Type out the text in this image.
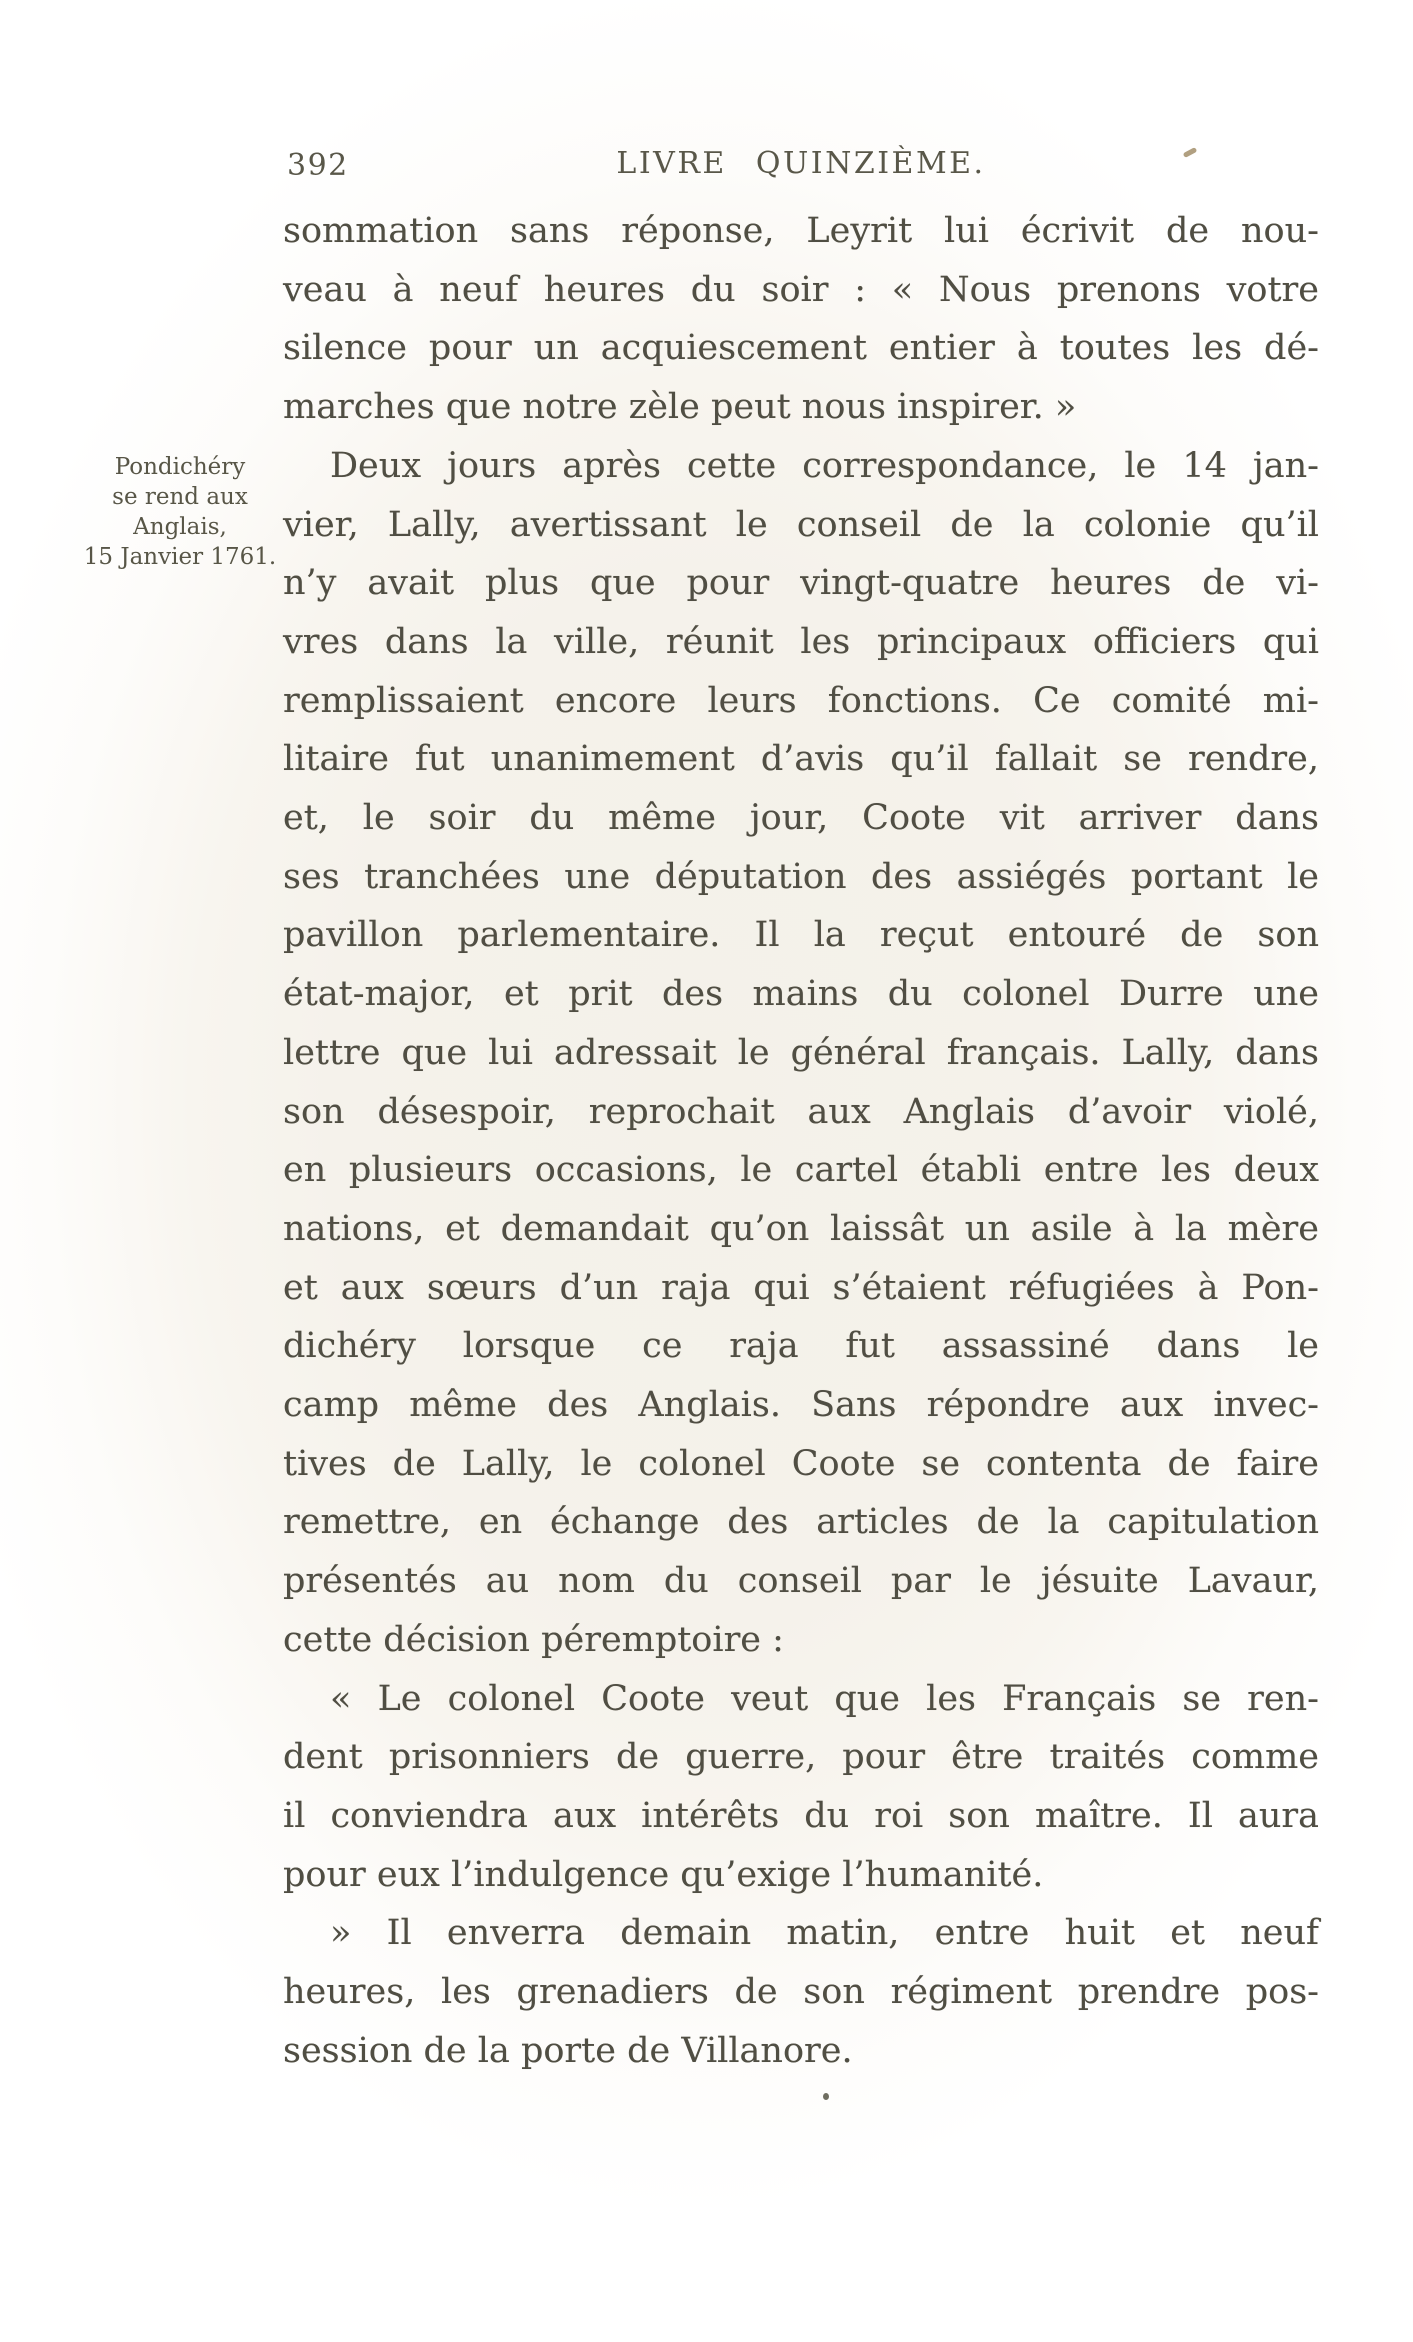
392	LIVRE QUINZIÈME.
Pondichéry
se rend aux
Anglais,
15 Janvier 1761.
sommation sans réponse, Leyrit lui écrivit de nou-
veau à neuf heures du soir : « Nous prenons votre
silence pour un acquiescement entier à toutes les dé-
marches que notre zèle peut nous inspirer. »
Deux jours après cette correspondance, le 14 jan-
vier, Lally, avertissant le conseil de la colonie qu’il
n’y avait plus que pour vingt-quatre heures de vi-
vres dans la ville, réunit les principaux officiers qui
remplissaient encore leurs fonctions. Ce comité mi-
litaire fut unanimement d’avis qu’il fallait se rendre,
et, le soir du même jour, Coote vit arriver dans
ses tranchées une députation des assiégés portant le
pavillon parlementaire. Il la reçut entouré de son
état-major, et prit des mains du colonel Durre une
lettre que lui adressait le général français. Lally, dans
son désespoir, reprochait aux Anglais d’avoir violé,
en plusieurs occasions, le cartel établi entre les deux
nations, et demandait qu’on laissât un asile à la mère
et aux sœurs d’un raja qui s’étaient réfugiées à Pon-
dichéry lorsque ce raja fut assassiné dans le
camp même des Anglais. Sans répondre aux invec-
tives de Lally, le colonel Coote se contenta de faire
remettre, en échange des articles de la capitulation
présentés au nom du conseil par le jésuite Lavaur,
cette décision péremptoire :
« Le colonel Coote veut que les Français se ren-
dent prisonniers de guerre, pour être traités comme
il conviendra aux intérêts du roi son maître. Il aura
pour eux l’indulgence qu’exige l’humanité.
» Il enverra demain matin, entre huit et neuf
heures, les grenadiers de son régiment prendre pos-
session de la porte de Villanore.
